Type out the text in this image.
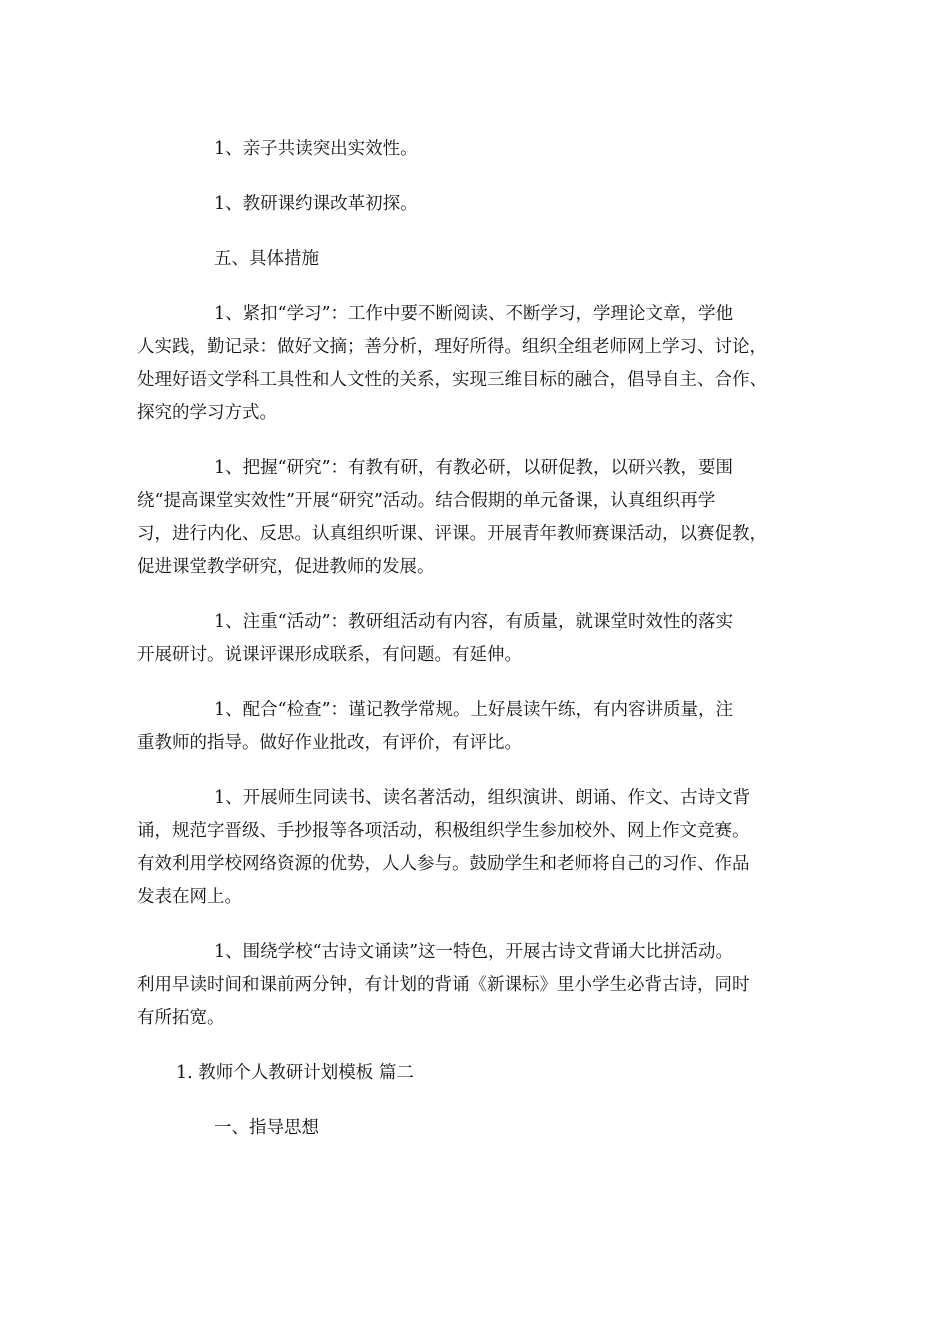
1、亲子共读突出实效性。
1、教研课约课改革初探。
五、具体措施
1、紧扣“学习”：工作中要不断阅读、不断学习，学理论文章，学他
人实践，勤记录：做好文摘；善分析，理好所得。组织全组老师网上学习、讨论，
处理好语文学科工具性和人文性的关系，实现三维目标的融合，倡导自主、合作、
探究的学习方式。
1、把握“研究”：有教有研，有教必研，以研促教，以研兴教，要围
绕“提高课堂实效性”开展“研究”活动。结合假期的单元备课，认真组织再学
习，进行内化、反思。认真组织听课、评课。开展青年教师赛课活动，以赛促教，
促进课堂教学研究，促进教师的发展。
1、注重“活动”：教研组活动有内容，有质量，就课堂时效性的落实
开展研讨。说课评课形成联系，有问题。有延伸。
1、配合“检查”：谨记教学常规。上好晨读午练，有内容讲质量，注
重教师的指导。做好作业批改，有评价，有评比。
1、开展师生同读书、读名著活动，组织演讲、朗诵、作文、古诗文背
诵，规范字晋级、手抄报等各项活动，积极组织学生参加校外、网上作文竞赛。
有效利用学校网络资源的优势，人人参与。鼓励学生和老师将自己的习作、作品
发表在网上。
1、围绕学校“古诗文诵读”这一特色，开展古诗文背诵大比拼活动。
利用早读时间和课前两分钟，有计划的背诵《新课标》里小学生必背古诗，同时
有所拓宽。
1. 教师个人教研计划模板 篇二
一、指导思想
